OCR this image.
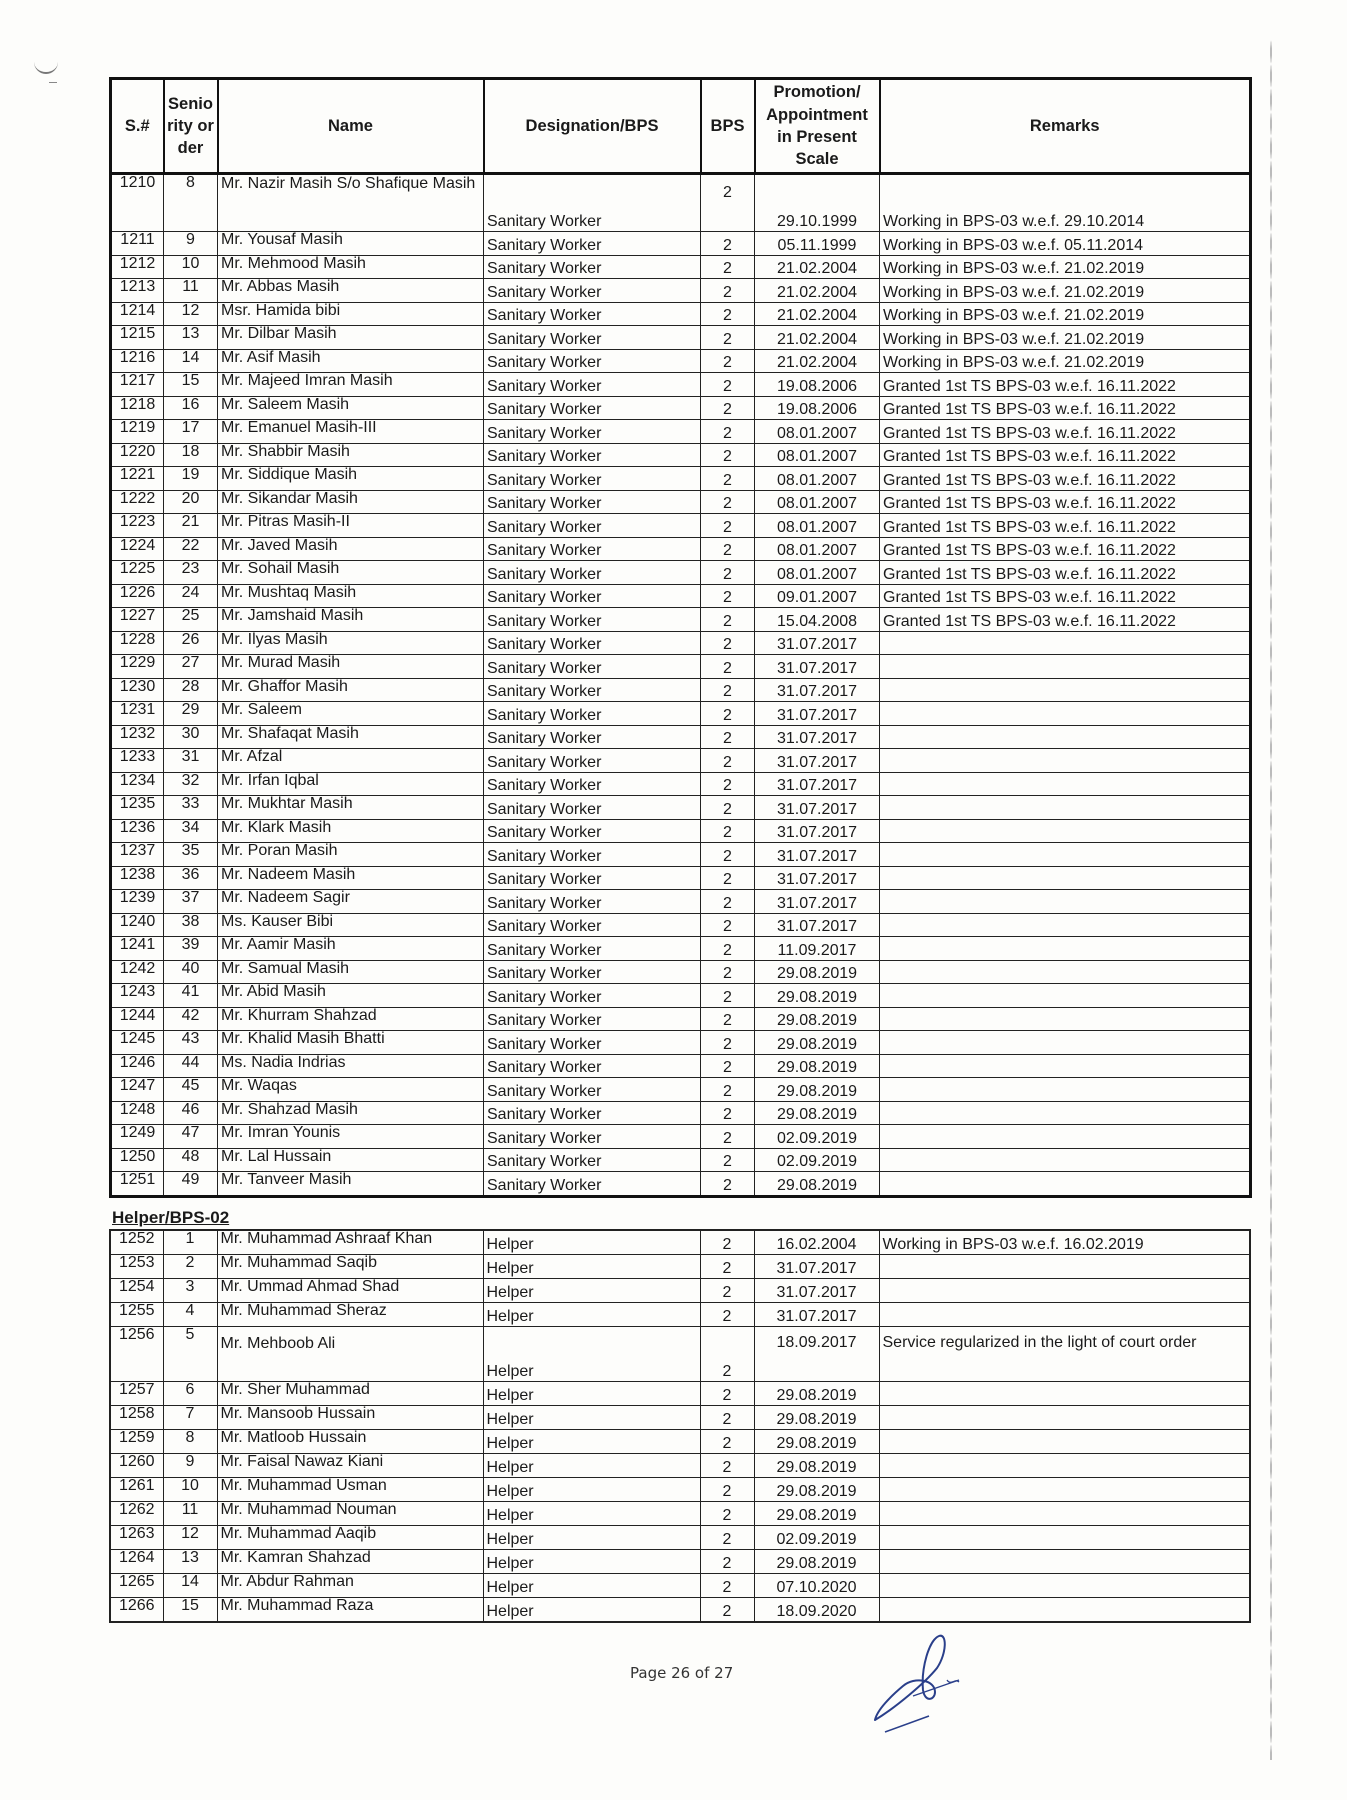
S.#	Senio rity order	Name	Designation/BPS	BPS	Promotion/ Appointment in Present Scale	Remarks
1210	8	Mr. Nazir Masih S/o Shafique Masih	Sanitary Worker	2	29.10.1999	Working in BPS-03 w.e.f. 29.10.2014
1211	9	Mr. Yousaf Masih	Sanitary Worker	2	05.11.1999	Working in BPS-03 w.e.f. 05.11.2014
1212	10	Mr. Mehmood Masih	Sanitary Worker	2	21.02.2004	Working in BPS-03 w.e.f. 21.02.2019
1213	11	Mr. Abbas Masih	Sanitary Worker	2	21.02.2004	Working in BPS-03 w.e.f. 21.02.2019
1214	12	Msr. Hamida bibi	Sanitary Worker	2	21.02.2004	Working in BPS-03 w.e.f. 21.02.2019
1215	13	Mr. Dilbar Masih	Sanitary Worker	2	21.02.2004	Working in BPS-03 w.e.f. 21.02.2019
1216	14	Mr. Asif Masih	Sanitary Worker	2	21.02.2004	Working in BPS-03 w.e.f. 21.02.2019
1217	15	Mr. Majeed Imran Masih	Sanitary Worker	2	19.08.2006	Granted 1st TS BPS-03 w.e.f. 16.11.2022
1218	16	Mr. Saleem Masih	Sanitary Worker	2	19.08.2006	Granted 1st TS BPS-03 w.e.f. 16.11.2022
1219	17	Mr. Emanuel Masih-III	Sanitary Worker	2	08.01.2007	Granted 1st TS BPS-03 w.e.f. 16.11.2022
1220	18	Mr. Shabbir Masih	Sanitary Worker	2	08.01.2007	Granted 1st TS BPS-03 w.e.f. 16.11.2022
1221	19	Mr. Siddique Masih	Sanitary Worker	2	08.01.2007	Granted 1st TS BPS-03 w.e.f. 16.11.2022
1222	20	Mr. Sikandar Masih	Sanitary Worker	2	08.01.2007	Granted 1st TS BPS-03 w.e.f. 16.11.2022
1223	21	Mr. Pitras Masih-II	Sanitary Worker	2	08.01.2007	Granted 1st TS BPS-03 w.e.f. 16.11.2022
1224	22	Mr. Javed Masih	Sanitary Worker	2	08.01.2007	Granted 1st TS BPS-03 w.e.f. 16.11.2022
1225	23	Mr. Sohail Masih	Sanitary Worker	2	08.01.2007	Granted 1st TS BPS-03 w.e.f. 16.11.2022
1226	24	Mr. Mushtaq Masih	Sanitary Worker	2	09.01.2007	Granted 1st TS BPS-03 w.e.f. 16.11.2022
1227	25	Mr. Jamshaid Masih	Sanitary Worker	2	15.04.2008	Granted 1st TS BPS-03 w.e.f. 16.11.2022
1228	26	Mr. Ilyas Masih	Sanitary Worker	2	31.07.2017	
1229	27	Mr. Murad Masih	Sanitary Worker	2	31.07.2017	
1230	28	Mr. Ghaffor Masih	Sanitary Worker	2	31.07.2017	
1231	29	Mr. Saleem	Sanitary Worker	2	31.07.2017	
1232	30	Mr. Shafaqat Masih	Sanitary Worker	2	31.07.2017	
1233	31	Mr. Afzal	Sanitary Worker	2	31.07.2017	
1234	32	Mr. Irfan Iqbal	Sanitary Worker	2	31.07.2017	
1235	33	Mr. Mukhtar Masih	Sanitary Worker	2	31.07.2017	
1236	34	Mr. Klark Masih	Sanitary Worker	2	31.07.2017	
1237	35	Mr. Poran Masih	Sanitary Worker	2	31.07.2017	
1238	36	Mr. Nadeem Masih	Sanitary Worker	2	31.07.2017	
1239	37	Mr. Nadeem Sagir	Sanitary Worker	2	31.07.2017	
1240	38	Ms. Kauser Bibi	Sanitary Worker	2	31.07.2017	
1241	39	Mr. Aamir Masih	Sanitary Worker	2	11.09.2017	
1242	40	Mr. Samual Masih	Sanitary Worker	2	29.08.2019	
1243	41	Mr. Abid Masih	Sanitary Worker	2	29.08.2019	
1244	42	Mr. Khurram Shahzad	Sanitary Worker	2	29.08.2019	
1245	43	Mr. Khalid Masih Bhatti	Sanitary Worker	2	29.08.2019	
1246	44	Ms. Nadia Indrias	Sanitary Worker	2	29.08.2019	
1247	45	Mr. Waqas	Sanitary Worker	2	29.08.2019	
1248	46	Mr. Shahzad Masih	Sanitary Worker	2	29.08.2019	
1249	47	Mr. Imran Younis	Sanitary Worker	2	02.09.2019	
1250	48	Mr. Lal Hussain	Sanitary Worker	2	02.09.2019	
1251	49	Mr. Tanveer Masih	Sanitary Worker	2	29.08.2019	
Helper/BPS-02
1252	1	Mr. Muhammad Ashraaf Khan	Helper	2	16.02.2004	Working in BPS-03 w.e.f. 16.02.2019
1253	2	Mr. Muhammad Saqib	Helper	2	31.07.2017	
1254	3	Mr. Ummad Ahmad Shad	Helper	2	31.07.2017	
1255	4	Mr. Muhammad Sheraz	Helper	2	31.07.2017	
1256	5	Mr. Mehboob Ali	Helper	2	18.09.2017	Service regularized in the light of court order
1257	6	Mr. Sher Muhammad	Helper	2	29.08.2019	
1258	7	Mr. Mansoob Hussain	Helper	2	29.08.2019	
1259	8	Mr. Matloob Hussain	Helper	2	29.08.2019	
1260	9	Mr. Faisal Nawaz Kiani	Helper	2	29.08.2019	
1261	10	Mr. Muhammad Usman	Helper	2	29.08.2019	
1262	11	Mr. Muhammad Nouman	Helper	2	29.08.2019	
1263	12	Mr. Muhammad Aaqib	Helper	2	02.09.2019	
1264	13	Mr. Kamran Shahzad	Helper	2	29.08.2019	
1265	14	Mr. Abdur Rahman	Helper	2	07.10.2020	
1266	15	Mr. Muhammad Raza	Helper	2	18.09.2020	
Page 26 of 27
